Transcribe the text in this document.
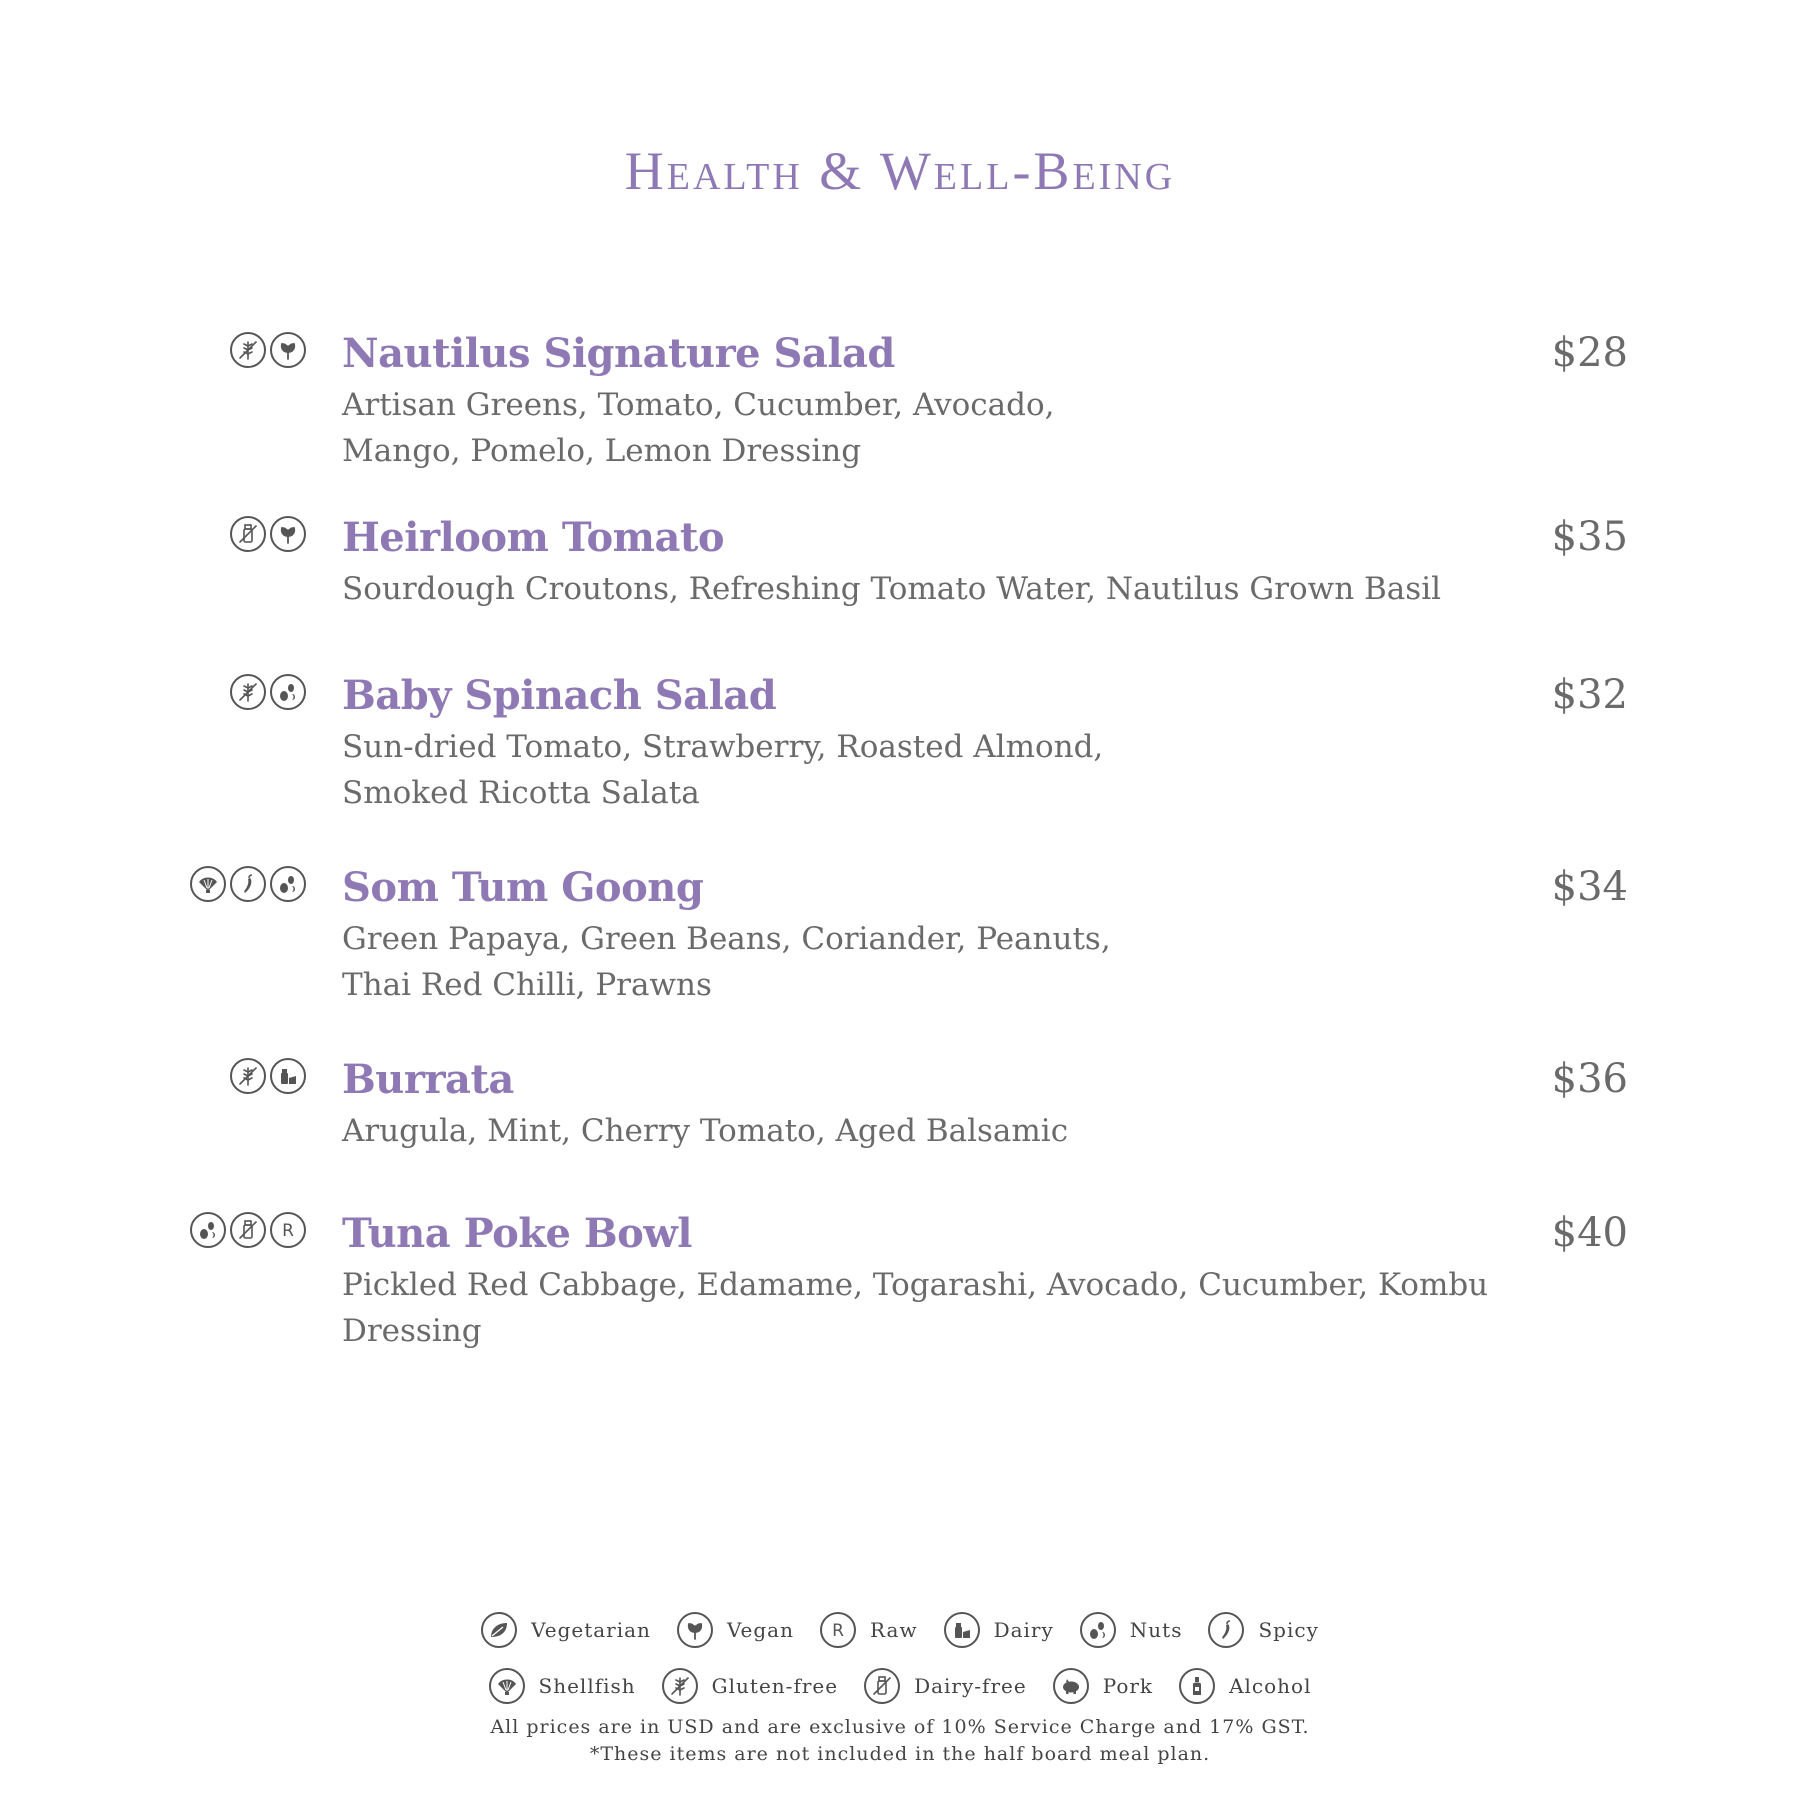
Health & Well-Being
Nautilus Signature Salad
Artisan Greens, Tomato, Cucumber, Avocado,
Mango, Pomelo, Lemon Dressing
$28
Heirloom Tomato
Sourdough Croutons, Refreshing Tomato Water, Nautilus Grown Basil
$35
Baby Spinach Salad
Sun-dried Tomato, Strawberry, Roasted Almond,
Smoked Ricotta Salata
$32
Som Tum Goong
Green Papaya, Green Beans, Coriander, Peanuts,
Thai Red Chilli, Prawns
$34
Burrata
Arugula, Mint, Cherry Tomato, Aged Balsamic
$36
R Tuna Poke Bowl
Pickled Red Cabbage, Edamame, Togarashi, Avocado, Cucumber, Kombu
Dressing
$40
Vegetarian	Vegan R Raw	Dairy	Nuts	Spicy
Shellfish	Gluten-free	Dairy-free	Pork	Alcohol
All prices are in USD and are exclusive of 10% Service Charge and 17% GST.
*These items are not included in the half board meal plan.
